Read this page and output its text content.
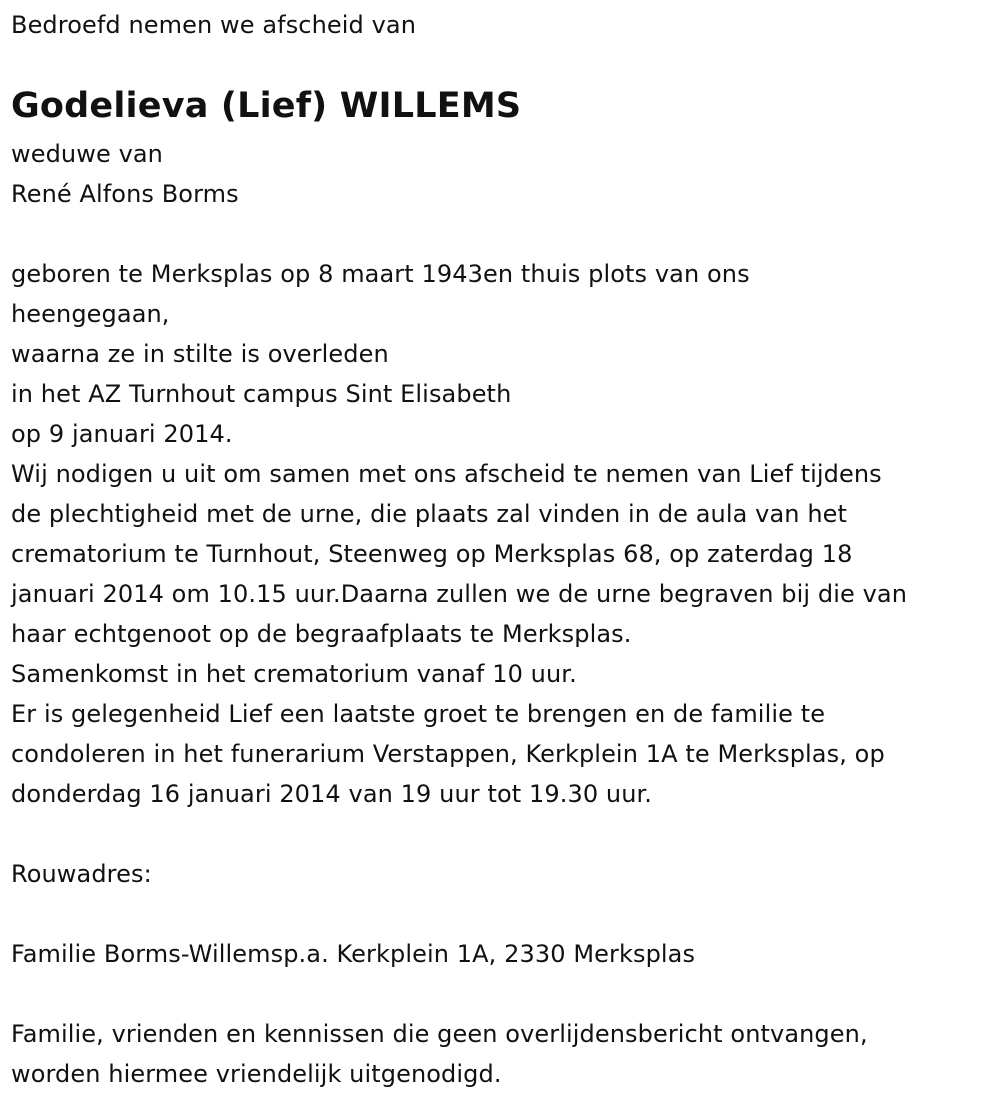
Bedroefd nemen we afscheid van
Godelieva (Lief) WILLEMS
weduwe van
René Alfons Borms
geboren te Merksplas op 8 maart 1943en thuis plots van ons
heengegaan,
waarna ze in stilte is overleden
in het AZ Turnhout campus Sint Elisabeth
op 9 januari 2014.
Wij nodigen u uit om samen met ons afscheid te nemen van Lief tijdens
de plechtigheid met de urne, die plaats zal vinden in de aula van het
crematorium te Turnhout, Steenweg op Merksplas 68, op zaterdag 18
januari 2014 om 10.15 uur.Daarna zullen we de urne begraven bij die van
haar echtgenoot op de begraafplaats te Merksplas.
Samenkomst in het crematorium vanaf 10 uur.
Er is gelegenheid Lief een laatste groet te brengen en de familie te
condoleren in het funerarium Verstappen, Kerkplein 1A te Merksplas, op
donderdag 16 januari 2014 van 19 uur tot 19.30 uur.
Rouwadres:
Familie Borms-Willemsp.a. Kerkplein 1A, 2330 Merksplas
Familie, vrienden en kennissen die geen overlijdensbericht ontvangen,
worden hiermee vriendelijk uitgenodigd.
